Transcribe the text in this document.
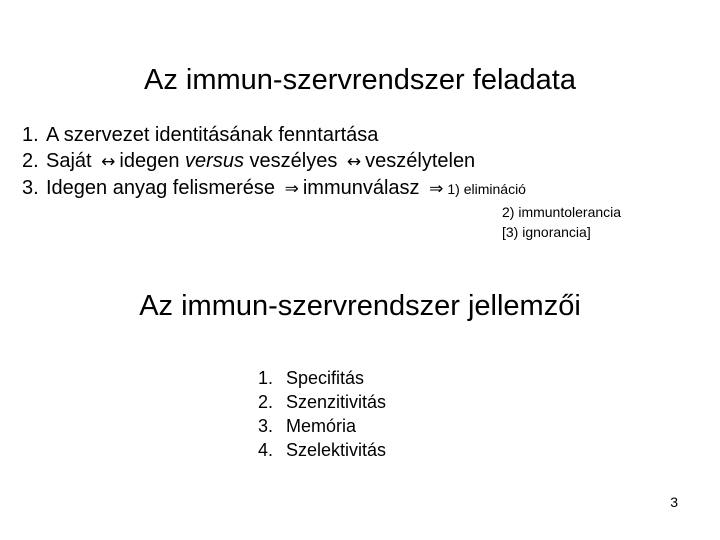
Az immun-szervrendszer feladata
1. A szervezet identitásának fenntartása
2. Saját ↔ idegen versus veszélyes ↔ veszélytelen
3. Idegen anyag felismerése ⇒ immunválasz ⇒ 1) elimináció
2) immuntolerancia
[3) ignorancia]
Az immun-szervrendszer jellemzői
1. Specifitás
2. Szenzitivitás
3. Memória
4. Szelektivitás
3
